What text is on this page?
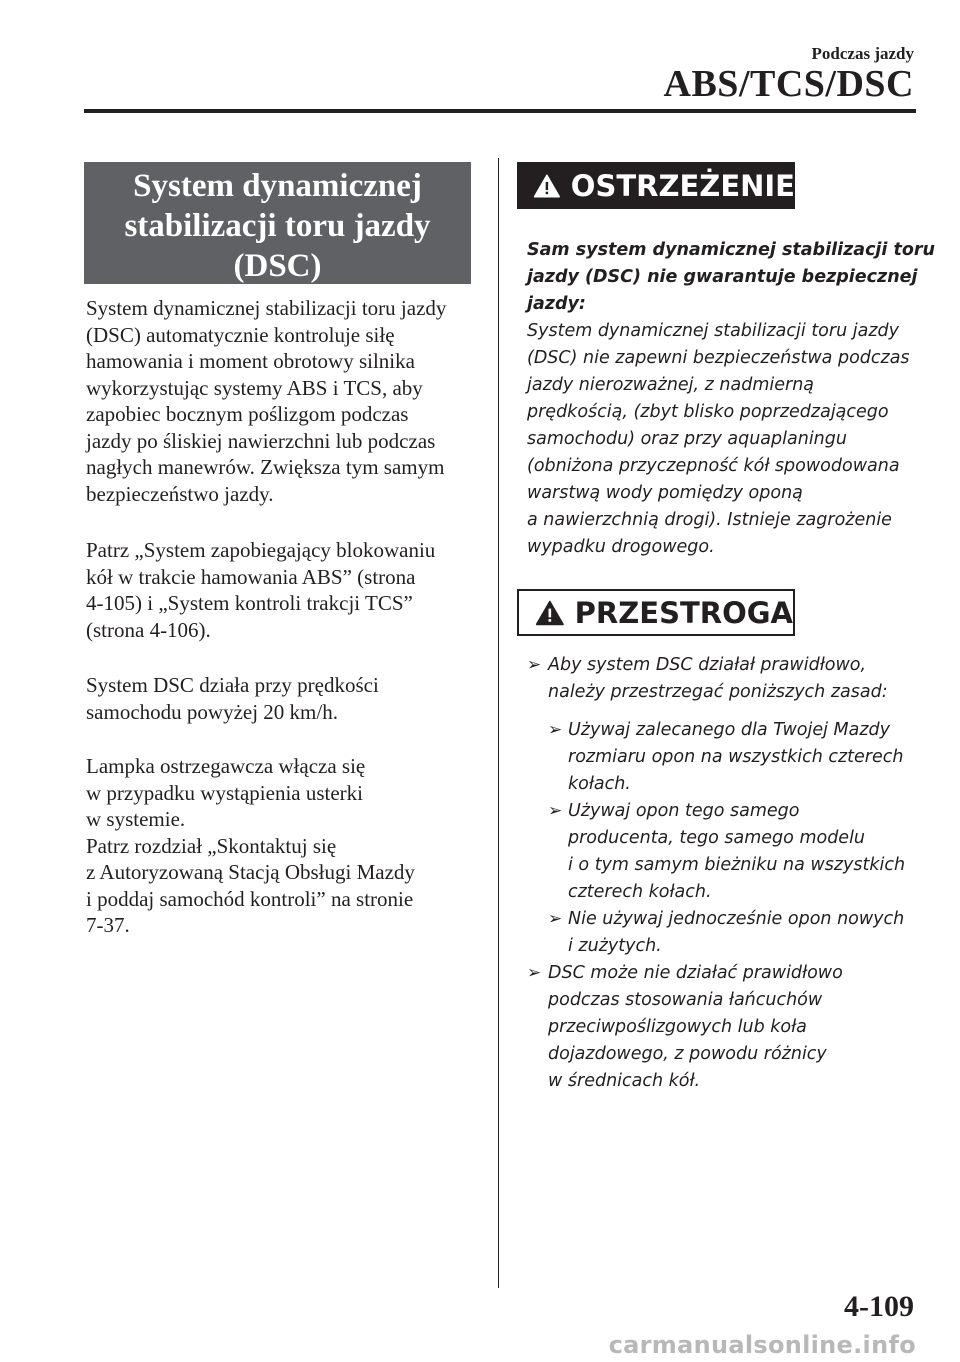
Podczas jazdy
ABS/TCS/DSC
System dynamicznej
stabilizacji toru jazdy
(DSC)
System dynamicznej stabilizacji toru jazdy
(DSC) automatycznie kontroluje siłę
hamowania i moment obrotowy silnika
wykorzystując systemy ABS i TCS, aby
zapobiec bocznym poślizgom podczas
jazdy po śliskiej nawierzchni lub podczas
nagłych manewrów. Zwiększa tym samym
bezpieczeństwo jazdy.
Patrz „System zapobiegający blokowaniu
kół w trakcie hamowania ABS” (strona
4-105) i „System kontroli trakcji TCS”
(strona 4-106).
System DSC działa przy prędkości
samochodu powyżej 20 km/h.
Lampka ostrzegawcza włącza się
w przypadku wystąpienia usterki
w systemie.
Patrz rozdział „Skontaktuj się
z Autoryzowaną Stacją Obsługi Mazdy
i poddaj samochód kontroli” na stronie
7-37.
OSTRZEŻENIE
Sam system dynamicznej stabilizacji toru
jazdy (DSC) nie gwarantuje bezpiecznej
jazdy:
System dynamicznej stabilizacji toru jazdy
(DSC) nie zapewni bezpieczeństwa podczas
jazdy nierozważnej, z nadmierną
prędkością, (zbyt blisko poprzedzającego
samochodu) oraz przy aquaplaningu
(obniżona przyczepność kół spowodowana
warstwą wody pomiędzy oponą
a nawierzchnią drogi). Istnieje zagrożenie
wypadku drogowego.
PRZESTROGA
➢ Aby system DSC działał prawidłowo,
należy przestrzegać poniższych zasad:
➢ Używaj zalecanego dla Twojej Mazdy
rozmiaru opon na wszystkich czterech
kołach.
➢ Używaj opon tego samego
producenta, tego samego modelu
i o tym samym bieżniku na wszystkich
czterech kołach.
➢ Nie używaj jednocześnie opon nowych
i zużytych.
➢ DSC może nie działać prawidłowo
podczas stosowania łańcuchów
przeciwpoślizgowych lub koła
dojazdowego, z powodu różnicy
w średnicach kół.
4-109
carmanualsonline.info
